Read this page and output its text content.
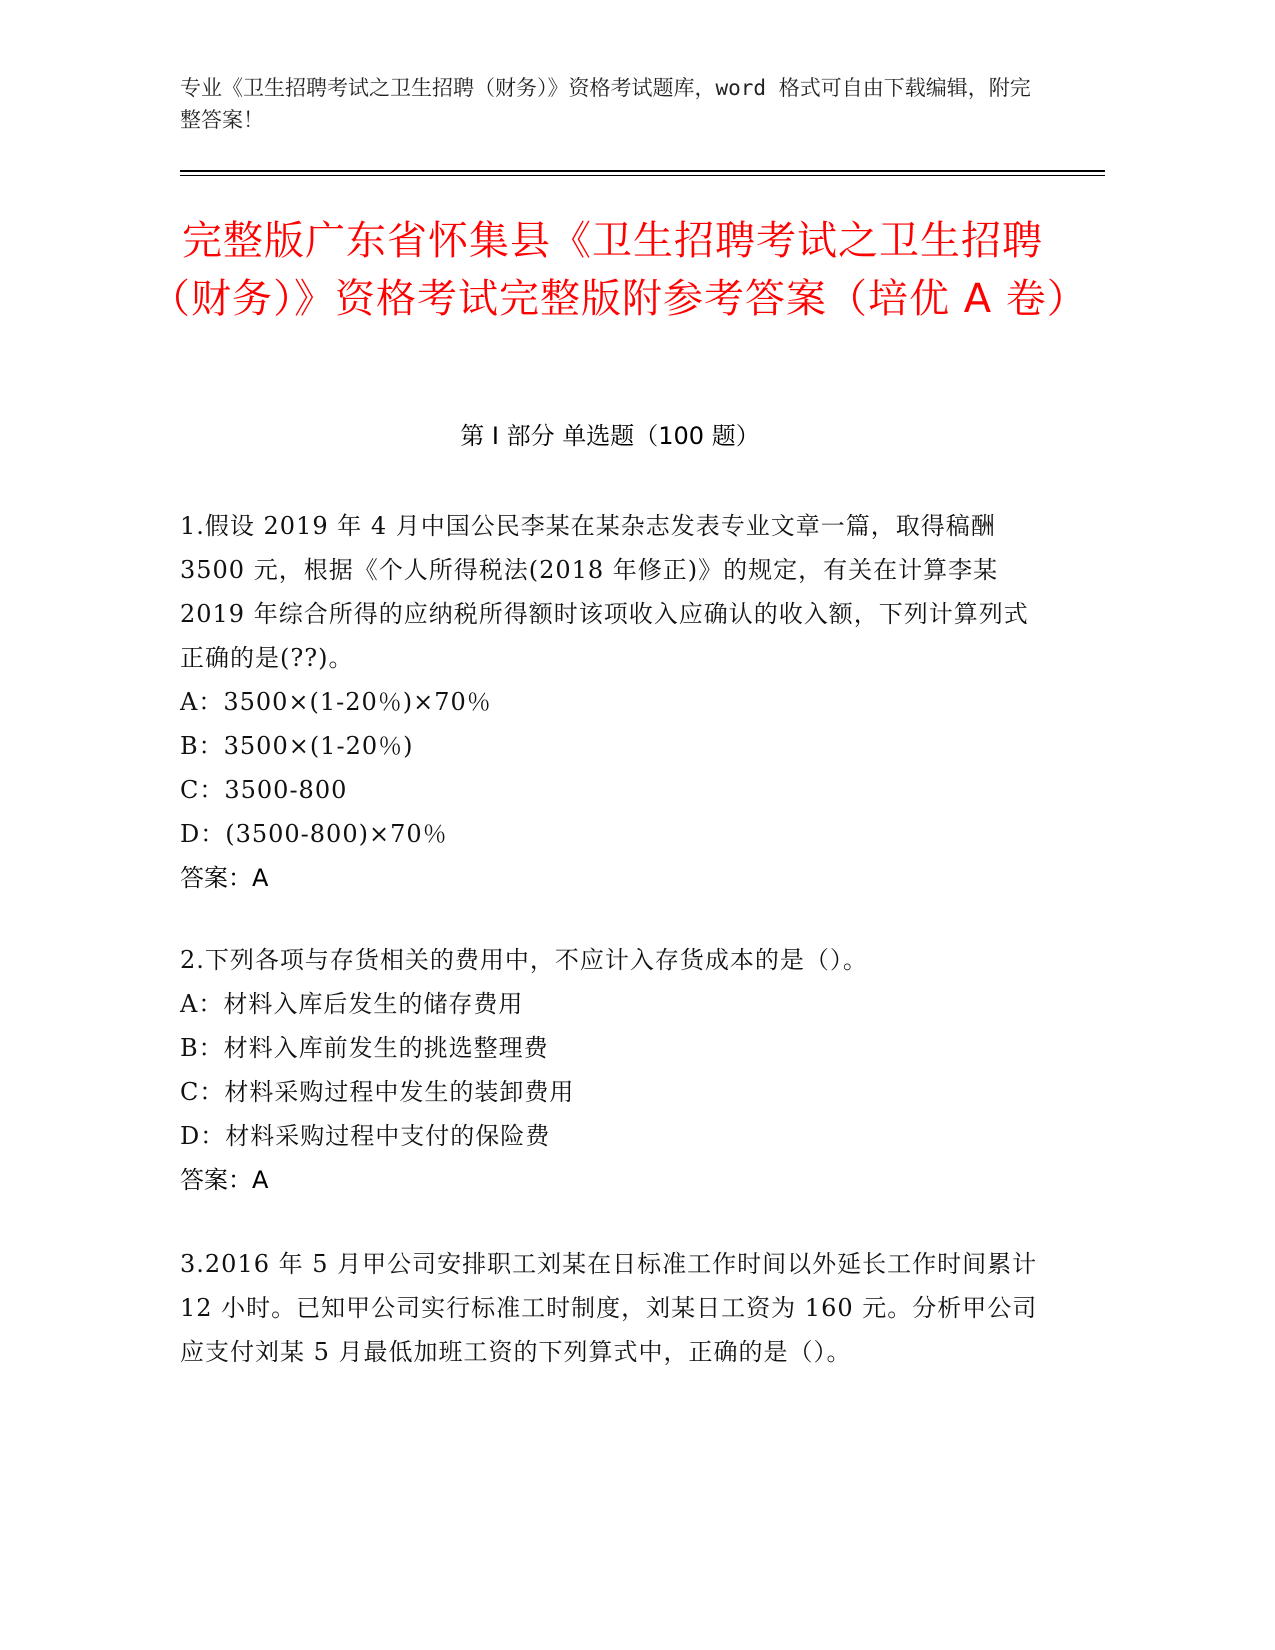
专业《卫生招聘考试之卫生招聘（财务）》资格考试题库，word 格式可自由下载编辑，附完整答案！
完整版广东省怀集县《卫生招聘考试之卫生招聘（财务）》资格考试完整版附参考答案（培优 A 卷）
第 I 部分 单选题（100 题）
1.假设 2019 年 4 月中国公民李某在某杂志发表专业文章一篇，取得稿酬 3500 元，根据《个人所得税法(2018 年修正)》的规定，有关在计算李某 2019 年综合所得的应纳税所得额时该项收入应确认的收入额，下列计算列式正确的是(??)。
A：3500×(1-20％)×70％
B：3500×(1-20％)
C：3500-800
D：(3500-800)×70％
答案：A
2.下列各项与存货相关的费用中，不应计入存货成本的是（）。
A：材料入库后发生的储存费用
B：材料入库前发生的挑选整理费
C：材料采购过程中发生的装卸费用
D：材料采购过程中支付的保险费
答案：A
3.2016 年 5 月甲公司安排职工刘某在日标准工作时间以外延长工作时间累计 12 小时。已知甲公司实行标准工时制度，刘某日工资为 160 元。分析甲公司应支付刘某 5 月最低加班工资的下列算式中，正确的是（）。
